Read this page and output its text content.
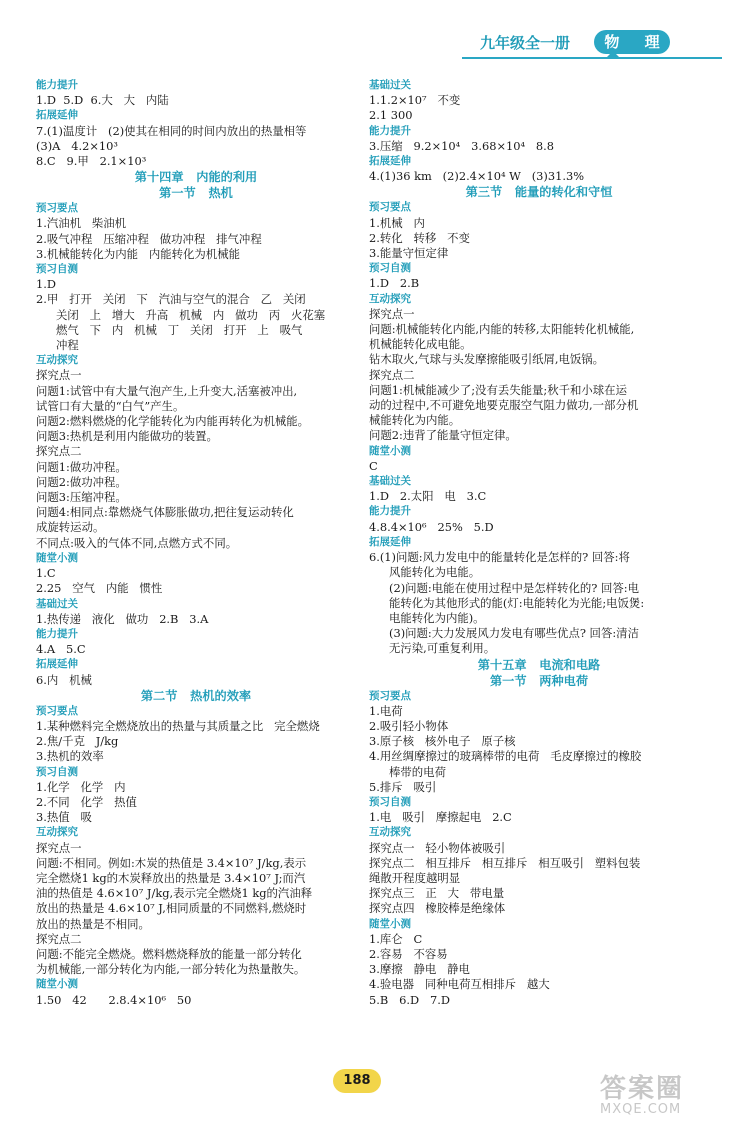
九年级全一册	物 理
能力提升
1.D  5.D  6.大   大   内陆
拓展延伸
7.(1)温度计   (2)使其在相同的时间内放出的热量相等
(3)A   4.2×10³
8.C   9.甲   2.1×10³
第十四章   内能的利用
第一节   热机
预习要点
1.汽油机   柴油机
2.吸气冲程   压缩冲程   做功冲程   排气冲程
3.机械能转化为内能   内能转化为机械能
预习自测
1.D
2.甲   打开   关闭   下   汽油与空气的混合   乙   关闭
关闭   上   增大   升高   机械   内   做功   丙   火花塞
燃气   下   内   机械   丁   关闭   打开   上   吸气
冲程
互动探究
探究点一
问题1:试管中有大量气泡产生,上升变大,活塞被冲出,
试管口有大量的“白气”产生。
问题2:燃料燃烧的化学能转化为内能再转化为机械能。
问题3:热机是利用内能做功的装置。
探究点二
问题1:做功冲程。
问题2:做功冲程。
问题3:压缩冲程。
问题4:相同点:靠燃烧气体膨胀做功,把往复运动转化
成旋转运动。
不同点:吸入的气体不同,点燃方式不同。
随堂小测
1.C
2.25   空气   内能   惯性
基础过关
1.热传递   液化   做功   2.B   3.A
能力提升
4.A   5.C
拓展延伸
6.内   机械
第二节   热机的效率
预习要点
1.某种燃料完全燃烧放出的热量与其质量之比   完全燃烧
2.焦/千克   J/kg
3.热机的效率
预习自测
1.化学   化学   内
2.不同   化学   热值
3.热值   吸
互动探究
探究点一
问题:不相同。例如:木炭的热值是 3.4×10⁷ J/kg,表示
完全燃烧1 kg的木炭释放出的热量是 3.4×10⁷ J;而汽
油的热值是 4.6×10⁷ J/kg,表示完全燃烧1 kg的汽油释
放出的热量是 4.6×10⁷ J,相同质量的不同燃料,燃烧时
放出的热量是不相同。
探究点二
问题:不能完全燃烧。燃料燃烧释放的能量一部分转化
为机械能,一部分转化为内能,一部分转化为热量散失。
随堂小测
1.50   42      2.8.4×10⁶   50
基础过关
1.1.2×10⁷   不变
2.1 300
能力提升
3.压缩   9.2×10⁴   3.68×10⁴   8.8
拓展延伸
4.(1)36 km   (2)2.4×10⁴ W   (3)31.3%
第三节   能量的转化和守恒
预习要点
1.机械   内
2.转化   转移   不变
3.能量守恒定律
预习自测
1.D   2.B
互动探究
探究点一
问题:机械能转化内能,内能的转移,太阳能转化机械能,
机械能转化成电能。
钻木取火,气球与头发摩擦能吸引纸屑,电饭锅。
探究点二
问题1:机械能减少了;没有丢失能量;秋千和小球在运
动的过程中,不可避免地要克服空气阻力做功,一部分机
械能转化为内能。
问题2:违背了能量守恒定律。
随堂小测
C
基础过关
1.D   2.太阳   电   3.C
能力提升
4.8.4×10⁶   25%   5.D
拓展延伸
6.(1)问题:风力发电中的能量转化是怎样的? 回答:将
风能转化为电能。
(2)问题:电能在使用过程中是怎样转化的? 回答:电
能转化为其他形式的能(灯:电能转化为光能;电饭煲:
电能转化为内能)。
(3)问题:大力发展风力发电有哪些优点? 回答:清洁
无污染,可重复利用。
第十五章   电流和电路
第一节   两种电荷
预习要点
1.电荷
2.吸引轻小物体
3.原子核   核外电子   原子核
4.用丝绸摩擦过的玻璃棒带的电荷   毛皮摩擦过的橡胶
棒带的电荷
5.排斥   吸引
预习自测
1.电   吸引   摩擦起电   2.C
互动探究
探究点一   轻小物体被吸引
探究点二   相互排斥   相互排斥   相互吸引   塑料包装
绳散开程度越明显
探究点三   正   大   带电量
探究点四   橡胶棒是绝缘体
随堂小测
1.库仑   C
2.容易   不容易
3.摩擦   静电   静电
4.验电器   同种电荷互相排斥   越大
5.B   6.D   7.D
188	答案圈
MXQE.COM
